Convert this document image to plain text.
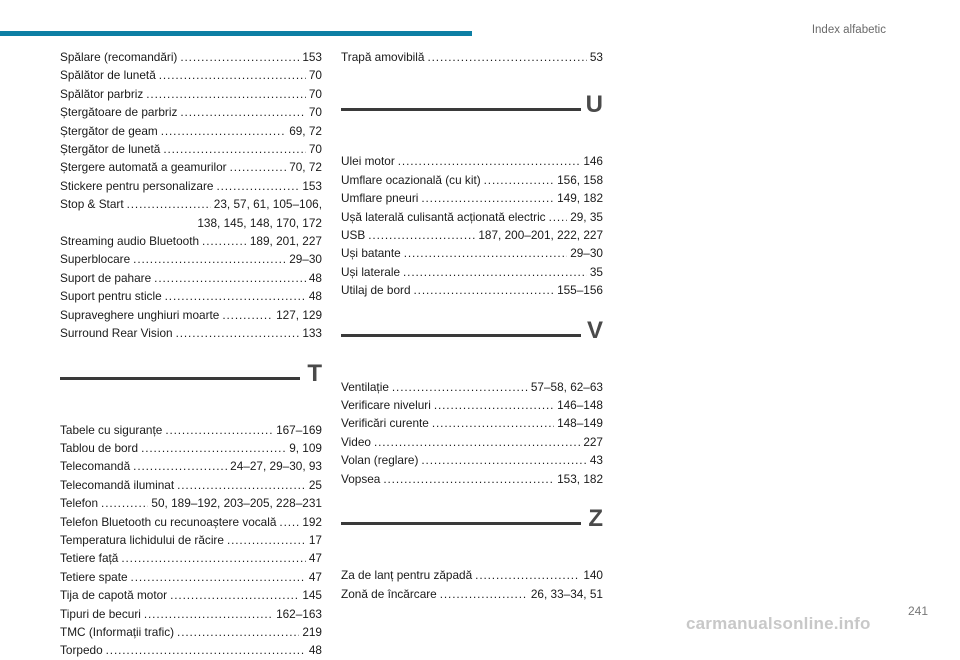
Index alfabetic
Spălare (recomandări) . . .	153
Spălător de lunetă . . .	70
Spălător parbriz . . .	70
Ștergătoare de parbriz . . .	70
Ștergător de geam . . .	69, 72
Ștergător de lunetă . . .	70
Ștergere automată a geamurilor . . .	70, 72
Stickere pentru personalizare . . .	153
Stop & Start . . .	23, 57, 61, 105–106,
138, 145, 148, 170, 172
Streaming audio Bluetooth . . .	189, 201, 227
Superblocare . . .	29–30
Suport de pahare . . .	48
Suport pentru sticle . . .	48
Supraveghere unghiuri moarte . . .	127, 129
Surround Rear Vision . . .	133
T
Tabele cu siguranțe . . .	167–169
Tablou de bord . . .	9, 109
Telecomandă . . .	24–27, 29–30, 93
Telecomandă iluminat . . .	25
Telefon . . .	50, 189–192, 203–205, 228–231
Telefon Bluetooth cu recunoaștere vocală . . . 192
Temperatura lichidului de răcire . . .	17
Tetiere față . . .	47
Tetiere spate . . .	47
Tija de capotă motor . . .	145
Tipuri de becuri . . .	162–163
TMC (Informații trafic) . . .	219
Torpedo . . .	48
Trapă amovibilă . . .	53
U
Ulei motor . . .	146
Umflare ocazională (cu kit) . . .	156, 158
Umflare pneuri . . .	149, 182
Ușă laterală culisantă acționată electric . . . 29, 35
USB . . .	187, 200–201, 222, 227
Uși batante . . .	29–30
Uși laterale . . .	35
Utilaj de bord . . .	155–156
V
Ventilație . . .	57–58, 62–63
Verificare niveluri . . .	146–148
Verificări curente . . .	148–149
Video . . .	227
Volan (reglare) . . .	43
Vopsea . . .	153, 182
Z
Za de lanț pentru zăpadă . . .	140
Zonă de încărcare . . .	26, 33–34, 51
carmanualsonline.info
241
